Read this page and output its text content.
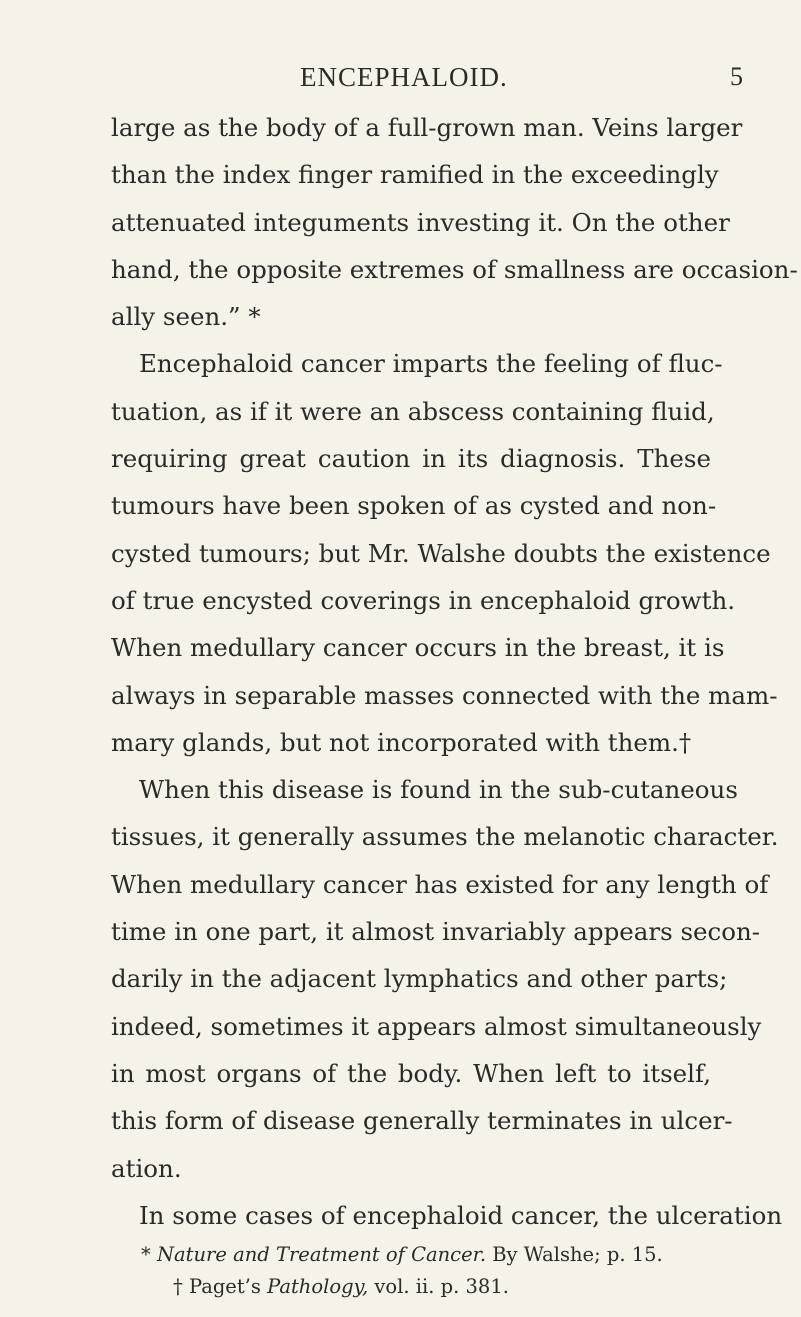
ENCEPHALOID.	5
large as the body of a full-grown man. Veins larger
than the index finger ramified in the exceedingly
attenuated integuments investing it. On the other
hand, the opposite extremes of smallness are occasion-
ally seen.” *
Encephaloid cancer imparts the feeling of fluc-
tuation, as if it were an abscess containing fluid,
requiring great caution in its diagnosis. These
tumours have been spoken of as cysted and non-
cysted tumours; but Mr. Walshe doubts the existence
of true encysted coverings in encephaloid growth.
When medullary cancer occurs in the breast, it is
always in separable masses connected with the mam-
mary glands, but not incorporated with them.†
When this disease is found in the sub-cutaneous
tissues, it generally assumes the melanotic character.
When medullary cancer has existed for any length of
time in one part, it almost invariably appears secon-
darily in the adjacent lymphatics and other parts;
indeed, sometimes it appears almost simultaneously
in most organs of the body. When left to itself,
this form of disease generally terminates in ulcer-
ation.
In some cases of encephaloid cancer, the ulceration
* Nature and Treatment of Cancer. By Walshe; p. 15.
† Paget’s Pathology, vol. ii. p. 381.
